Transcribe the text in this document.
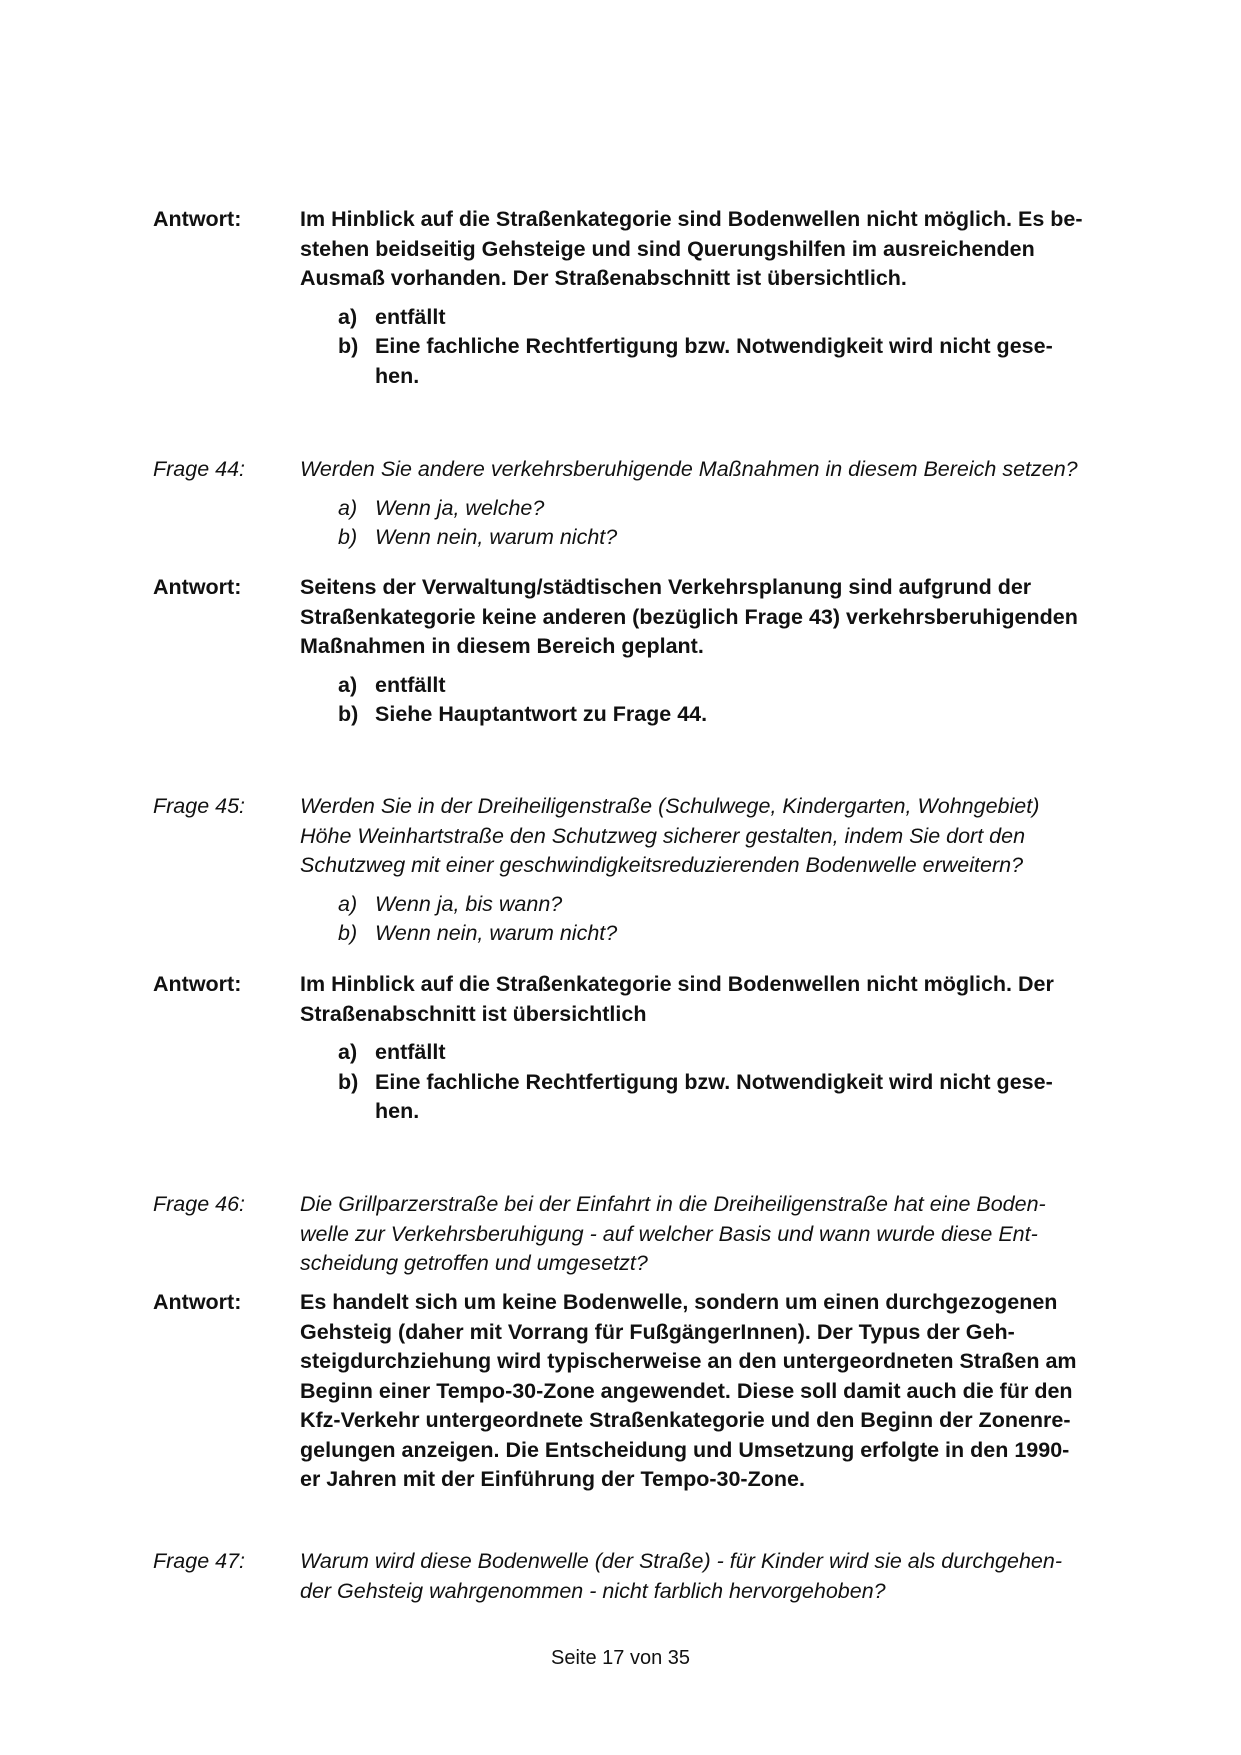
Antwort:	Im Hinblick auf die Straßenkategorie sind Bodenwellen nicht möglich. Es be-
stehen beidseitig Gehsteige und sind Querungshilfen im ausreichenden
Ausmaß vorhanden. Der Straßenabschnitt ist übersichtlich.
a) entfällt
b) Eine fachliche Rechtfertigung bzw. Notwendigkeit wird nicht gese-
hen.
Frage 44:	Werden Sie andere verkehrsberuhigende Maßnahmen in diesem Bereich setzen?
a) Wenn ja, welche?
b) Wenn nein, warum nicht?
Antwort:	Seitens der Verwaltung/städtischen Verkehrsplanung sind aufgrund der
Straßenkategorie keine anderen (bezüglich Frage 43) verkehrsberuhigenden
Maßnahmen in diesem Bereich geplant.
a) entfällt
b) Siehe Hauptantwort zu Frage 44.
Frage 45:	Werden Sie in der Dreiheiligenstraße (Schulwege, Kindergarten, Wohngebiet)
Höhe Weinhartstraße den Schutzweg sicherer gestalten, indem Sie dort den
Schutzweg mit einer geschwindigkeitsreduzierenden Bodenwelle erweitern?
a) Wenn ja, bis wann?
b) Wenn nein, warum nicht?
Antwort:	Im Hinblick auf die Straßenkategorie sind Bodenwellen nicht möglich. Der
Straßenabschnitt ist übersichtlich
a) entfällt
b) Eine fachliche Rechtfertigung bzw. Notwendigkeit wird nicht gese-
hen.
Frage 46:	Die Grillparzerstraße bei der Einfahrt in die Dreiheiligenstraße hat eine Boden-
welle zur Verkehrsberuhigung - auf welcher Basis und wann wurde diese Ent-
scheidung getroffen und umgesetzt?
Antwort:	Es handelt sich um keine Bodenwelle, sondern um einen durchgezogenen
Gehsteig (daher mit Vorrang für FußgängerInnen). Der Typus der Geh-
steigdurchziehung wird typischerweise an den untergeordneten Straßen am
Beginn einer Tempo-30-Zone angewendet. Diese soll damit auch die für den
Kfz-Verkehr untergeordnete Straßenkategorie und den Beginn der Zonenre-
gelungen anzeigen. Die Entscheidung und Umsetzung erfolgte in den 1990-
er Jahren mit der Einführung der Tempo-30-Zone.
Frage 47:	Warum wird diese Bodenwelle (der Straße) - für Kinder wird sie als durchgehen-
der Gehsteig wahrgenommen - nicht farblich hervorgehoben?
Seite 17 von 35
